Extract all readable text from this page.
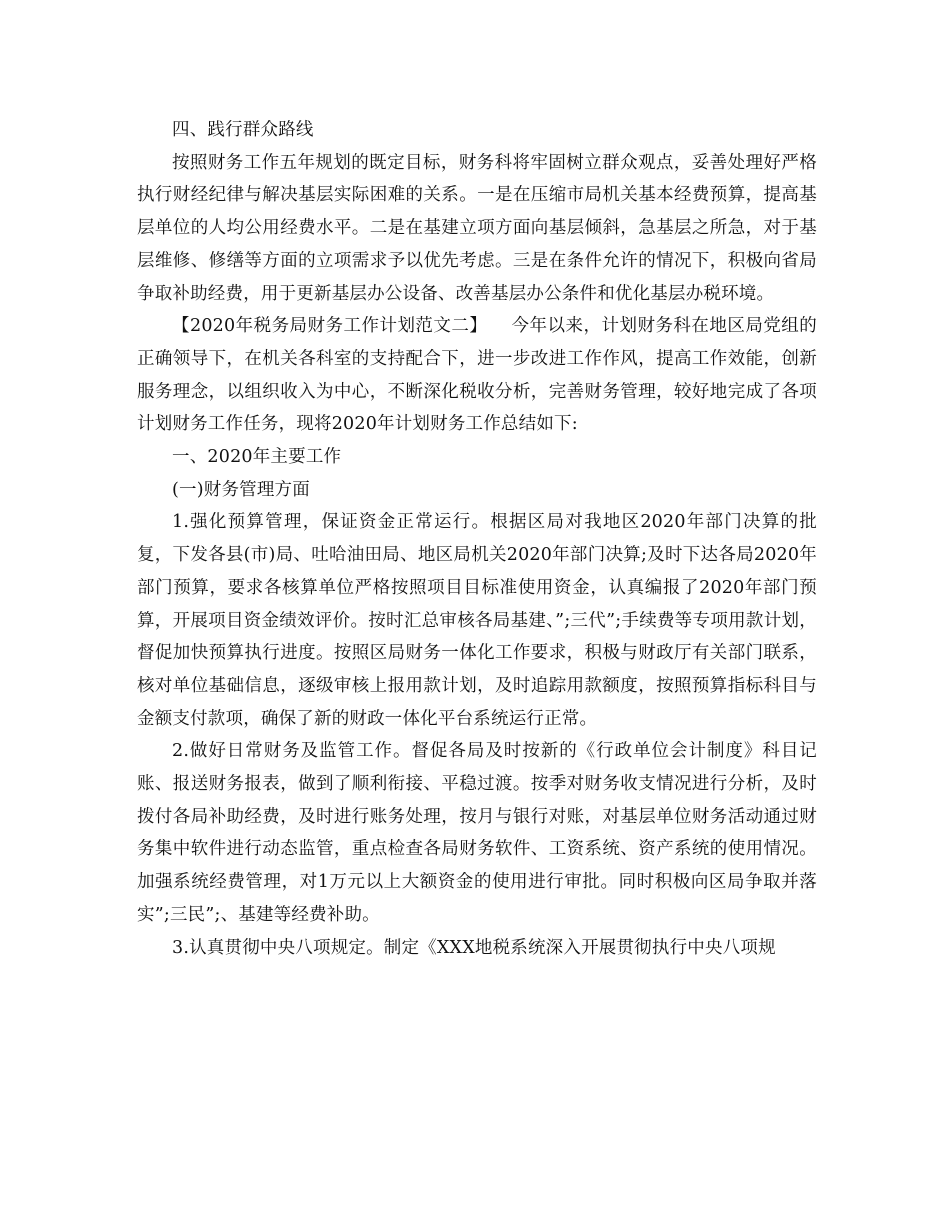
四、践行群众路线

按照财务工作五年规划的既定目标，财务科将牢固树立群众观点，妥善处理好严格执行财经纪律与解决基层实际困难的关系。一是在压缩市局机关基本经费预算，提高基层单位的人均公用经费水平。二是在基建立项方面向基层倾斜，急基层之所急，对于基层维修、修缮等方面的立项需求予以优先考虑。三是在条件允许的情况下，积极向省局争取补助经费，用于更新基层办公设备、改善基层办公条件和优化基层办税环境。

【2020年税务局财务工作计划范文二】    今年以来，计划财务科在地区局党组的正确领导下，在机关各科室的支持配合下，进一步改进工作作风，提高工作效能，创新服务理念，以组织收入为中心，不断深化税收分析，完善财务管理，较好地完成了各项计划财务工作任务，现将2020年计划财务工作总结如下:

一、2020年主要工作

(一)财务管理方面

1.强化预算管理，保证资金正常运行。根据区局对我地区2020年部门决算的批复，下发各县(市)局、吐哈油田局、地区局机关2020年部门决算;及时下达各局2020年部门预算，要求各核算单位严格按照项目目标准使用资金，认真编报了2020年部门预算，开展项目资金绩效评价。按时汇总审核各局基建、”;三代”;手续费等专项用款计划，督促加快预算执行进度。按照区局财务一体化工作要求，积极与财政厅有关部门联系，核对单位基础信息，逐级审核上报用款计划，及时追踪用款额度，按照预算指标科目与金额支付款项，确保了新的财政一体化平台系统运行正常。

2.做好日常财务及监管工作。督促各局及时按新的《行政单位会计制度》科目记账、报送财务报表，做到了顺利衔接、平稳过渡。按季对财务收支情况进行分析，及时拨付各局补助经费，及时进行账务处理，按月与银行对账，对基层单位财务活动通过财务集中软件进行动态监管，重点检查各局财务软件、工资系统、资产系统的使用情况。加强系统经费管理，对1万元以上大额资金的使用进行审批。同时积极向区局争取并落实”;三民”;、基建等经费补助。

3.认真贯彻中央八项规定。制定《XXX地税系统深入开展贯彻执行中央八项规
